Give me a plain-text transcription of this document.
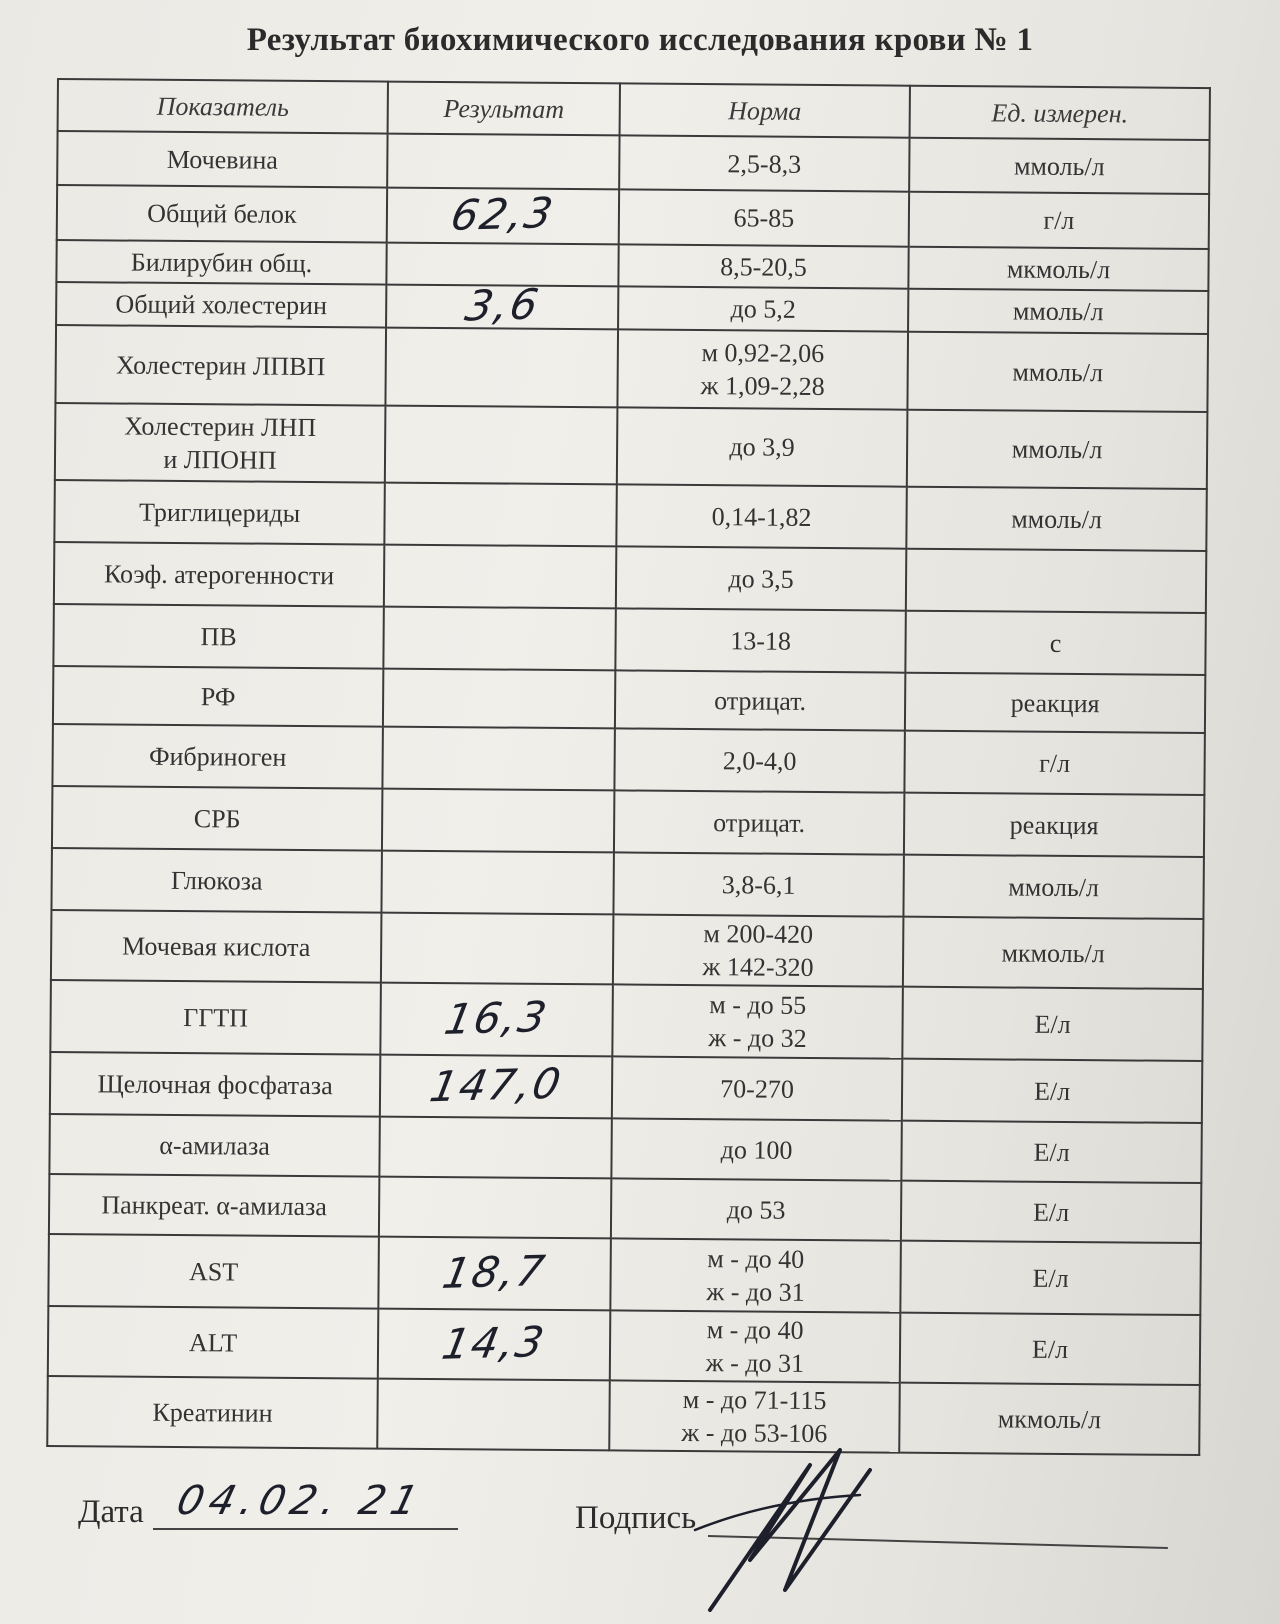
Результат биохимического исследования крови № 1
Показатель	Результат	Норма	Ед. измерен.
Мочевина		2,5-8,3	ммоль/л
Общий белок	62,3	65-85	г/л
Билирубин общ.		8,5-20,5	мкмоль/л
Общий холестерин	3,6	до 5,2	ммоль/л
Холестерин ЛПВП		м 0,92-2,06
ж 1,09-2,28	ммоль/л
Холестерин ЛНП
и ЛПОНП		до 3,9	ммоль/л
Триглицериды		0,14-1,82	ммоль/л
Коэф. атерогенности		до 3,5	
ПВ		13-18	с
РФ		отрицат.	реакция
Фибриноген		2,0-4,0	г/л
СРБ		отрицат.	реакция
Глюкоза		3,8-6,1	ммоль/л
Мочевая кислота		м 200-420
ж 142-320	мкмоль/л
ГГТП	16,3	м - до 55
ж - до 32	Е/л
Щелочная фосфатаза	147,0	70-270	Е/л
α-амилаза		до 100	Е/л
Панкреат. α-амилаза		до 53	Е/л
AST	18,7	м - до 40
ж - до 31	Е/л
ALT	14,3	м - до 40
ж - до 31	Е/л
Креатинин		м - до 71-115
ж - до 53-106	мкмоль/л
Дата 04.02. 21	Подпись
